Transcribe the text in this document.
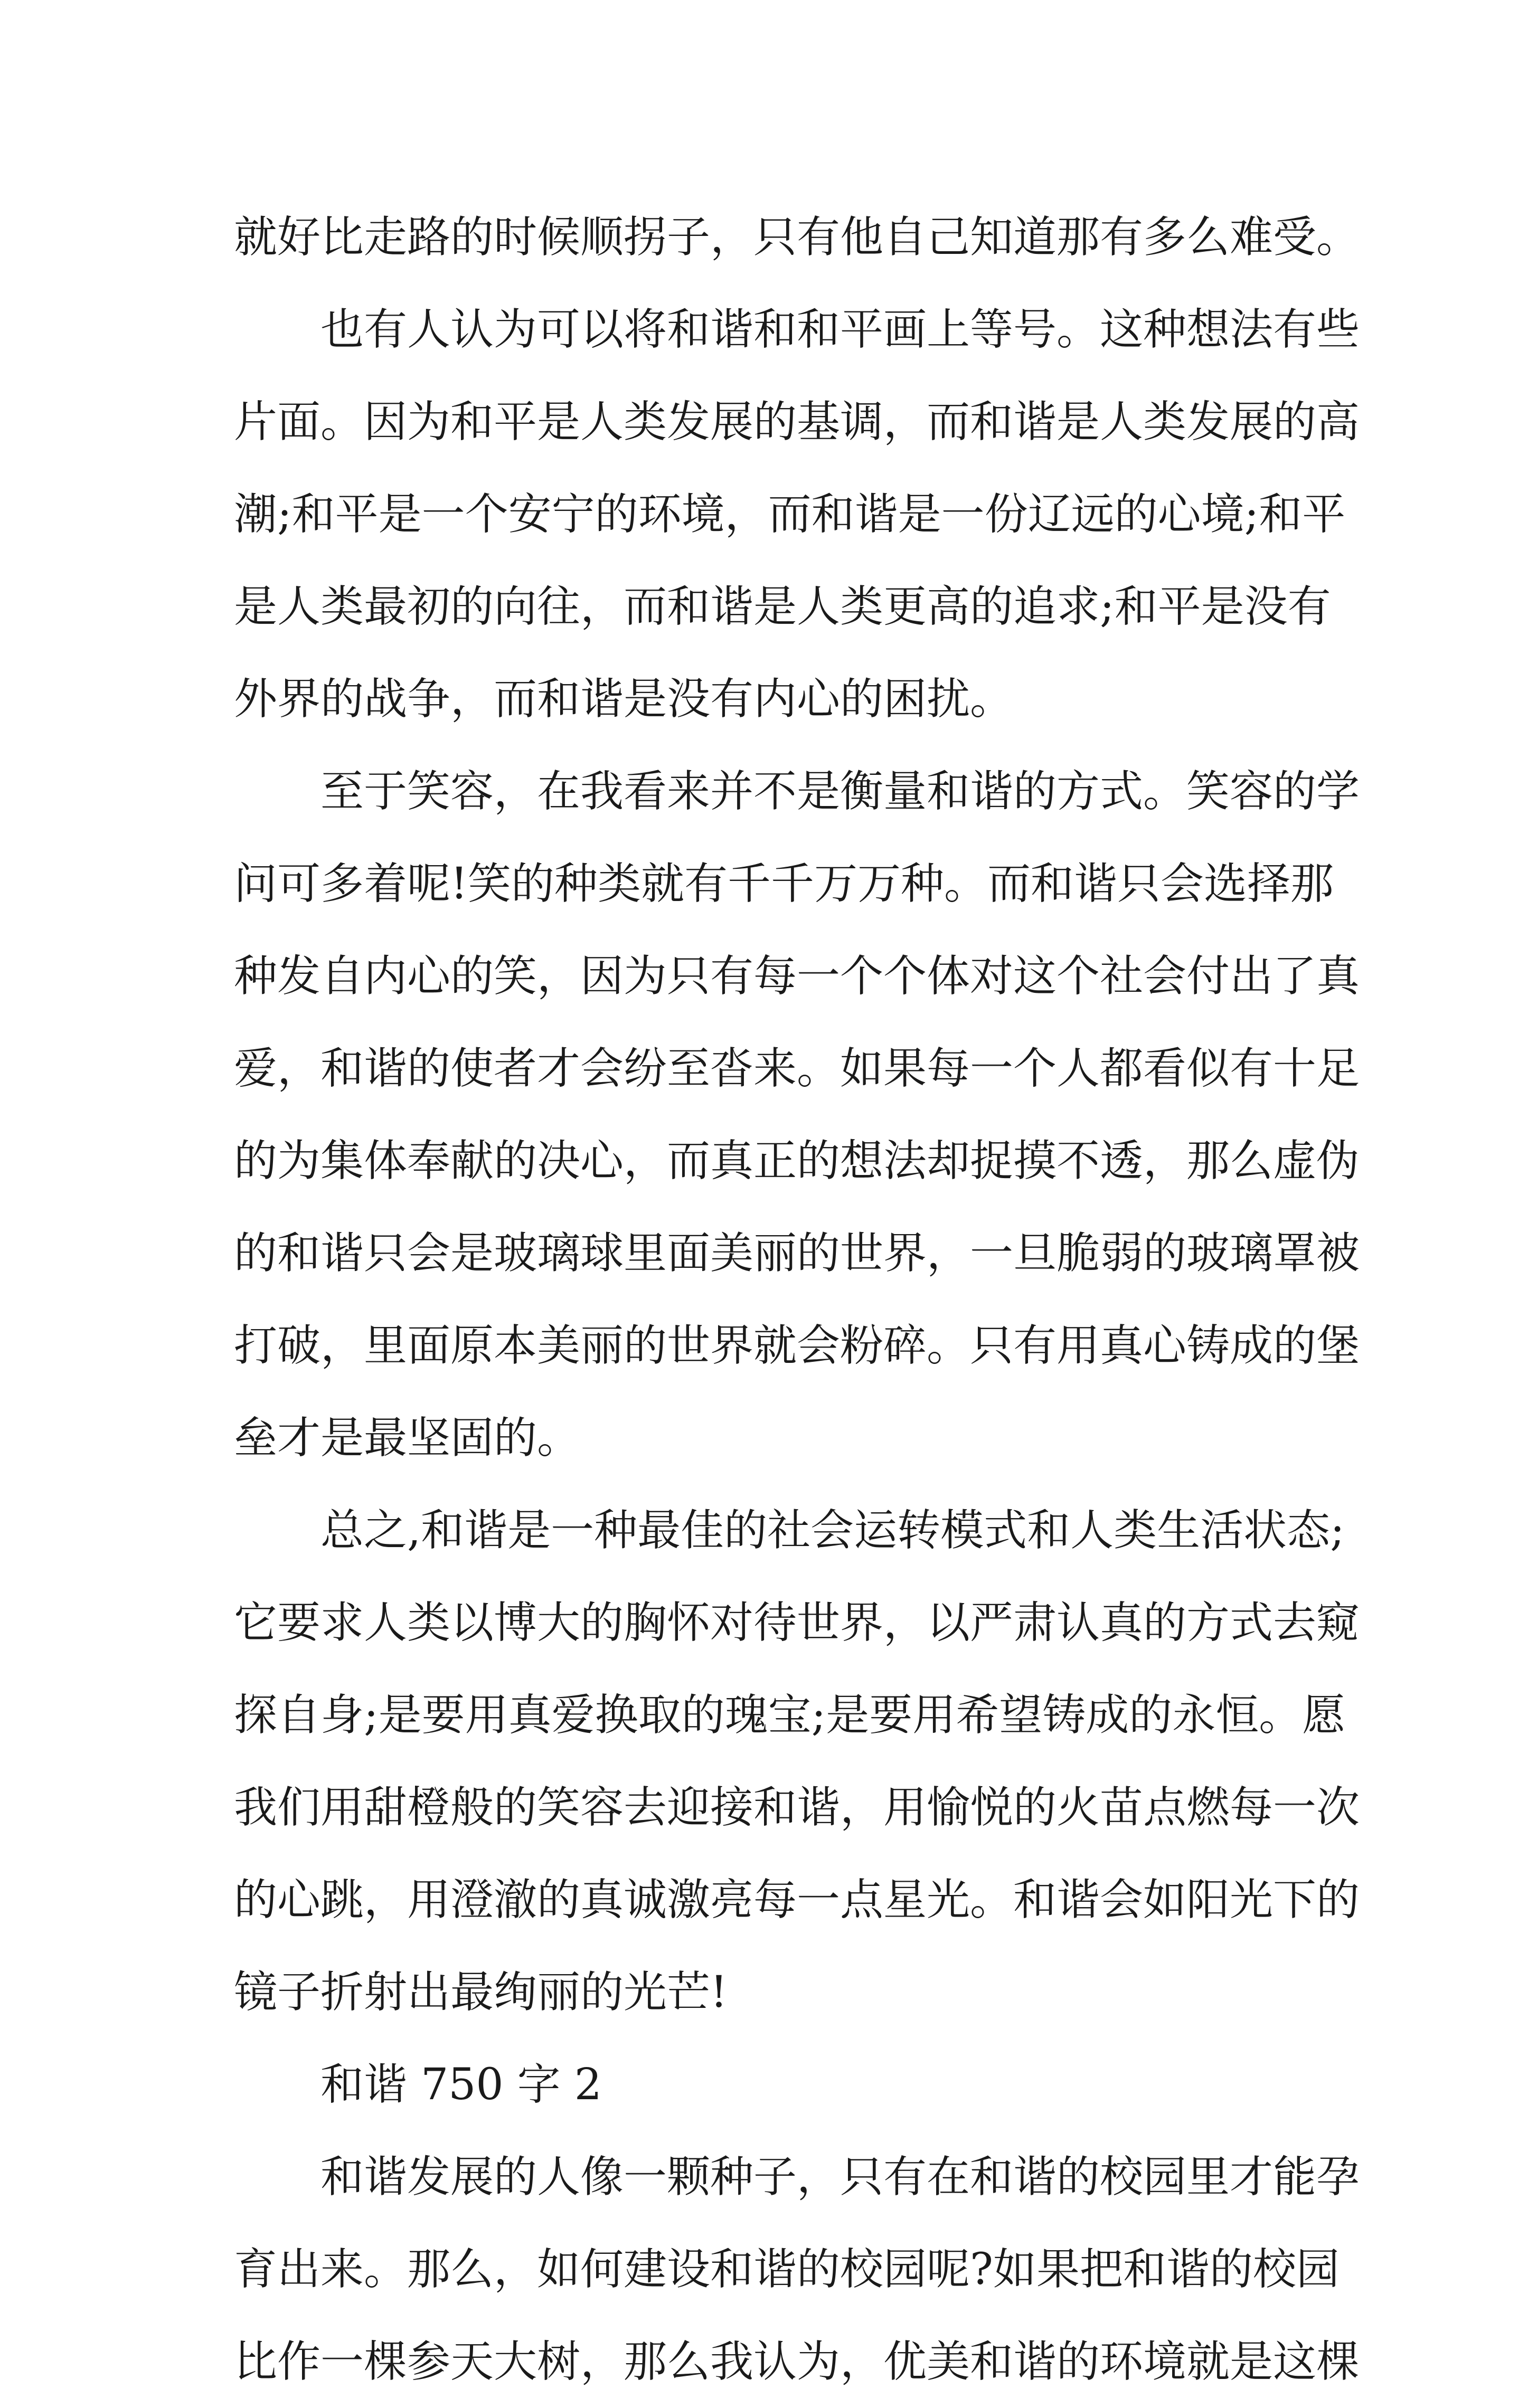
就好比走路的时候顺拐子，只有他自己知道那有多么难受。
也有人认为可以将和谐和和平画上等号。这种想法有些
片面。因为和平是人类发展的基调，而和谐是人类发展的高
潮;和平是一个安宁的环境，而和谐是一份辽远的心境;和平
是人类最初的向往，而和谐是人类更高的追求;和平是没有
外界的战争，而和谐是没有内心的困扰。
至于笑容，在我看来并不是衡量和谐的方式。笑容的学
问可多着呢!笑的种类就有千千万万种。而和谐只会选择那
种发自内心的笑，因为只有每一个个体对这个社会付出了真
爱，和谐的使者才会纷至沓来。如果每一个人都看似有十足
的为集体奉献的决心，而真正的想法却捉摸不透，那么虚伪
的和谐只会是玻璃球里面美丽的世界，一旦脆弱的玻璃罩被
打破，里面原本美丽的世界就会粉碎。只有用真心铸成的堡
垒才是最坚固的。
总之,和谐是一种最佳的社会运转模式和人类生活状态;
它要求人类以博大的胸怀对待世界，以严肃认真的方式去窥
探自身;是要用真爱换取的瑰宝;是要用希望铸成的永恒。愿
我们用甜橙般的笑容去迎接和谐，用愉悦的火苗点燃每一次
的心跳，用澄澈的真诚激亮每一点星光。和谐会如阳光下的
镜子折射出最绚丽的光芒!
和谐 750 字 2
和谐发展的人像一颗种子，只有在和谐的校园里才能孕
育出来。那么，如何建设和谐的校园呢?如果把和谐的校园
比作一棵参天大树，那么我认为，优美和谐的环境就是这棵
